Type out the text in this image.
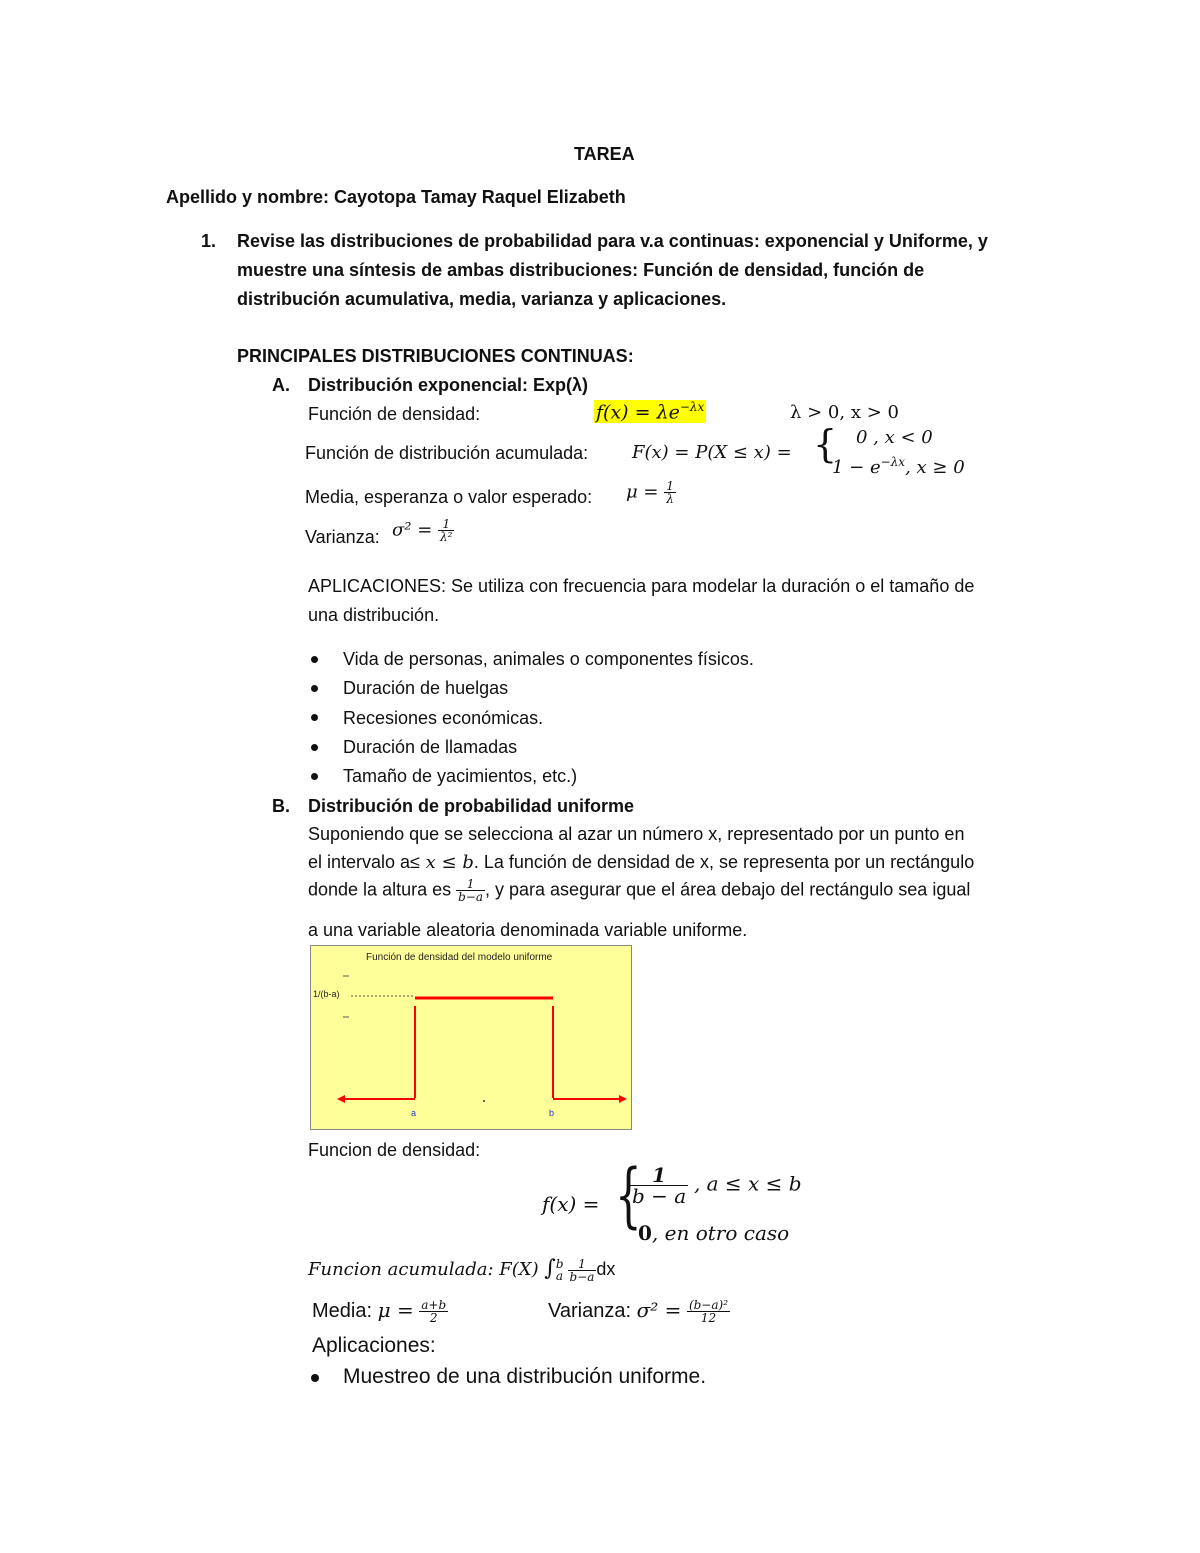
TAREA
Apellido y nombre: Cayotopa Tamay Raquel Elizabeth
1. Revise las distribuciones de probabilidad para v.a continuas: exponencial y Uniforme, y
muestre una síntesis de ambas distribuciones: Función de densidad, función de
distribución acumulativa, media, varianza y aplicaciones.
PRINCIPALES DISTRIBUCIONES CONTINUAS:
A. Distribución exponencial: Exp(λ)
Función de densidad:	$f(x) = \lambda e^{-\lambda x}$	λ > 0, x > 0
Función de distribución acumulada: F(x) = P(X ≤ x) = { 0 , x < 0
$1 - e^{-\lambda x}$, x ≥ 0
Media, esperanza o valor esperado: $\mu = \frac{1}{\lambda}$
Varianza: $\sigma^2 = \frac{1}{\text{λ²}}$
APLICACIONES: Se utiliza con frecuencia para modelar la duración o el tamaño de
una distribución.
Vida de personas, animales o componentes físicos.
Duración de huelgas
Recesiones económicas.
Duración de llamadas
Tamaño de yacimientos, etc.)
B. Distribución de probabilidad uniforme
Suponiendo que se selecciona al azar un número x, representado por un punto en
el intervalo a≤ x ≤ b. La función de densidad de x, se representa por un rectángulo
donde la altura es $\frac{1}{b-a}$ , y para asegurar que el área debajo del rectángulo sea igual
a una variable aleatoria denominada variable uniforme.
Función de densidad del modelo uniforme
1/(b-a)
a	b
Funcion de densidad:
f(x) = {
$\frac{1}{b - a}$ , a ≤ x ≤ b
0, en otro caso
Funcion acumulada: F(X) ∫ b
a $\frac{1}{b-a}$ dx
Media: $\mu = \frac{a+b}{2}$	Varianza: $\sigma^2 = \frac{\text{(b−a)²}}{12}$
Aplicaciones:
Muestreo de una distribución uniforme.
